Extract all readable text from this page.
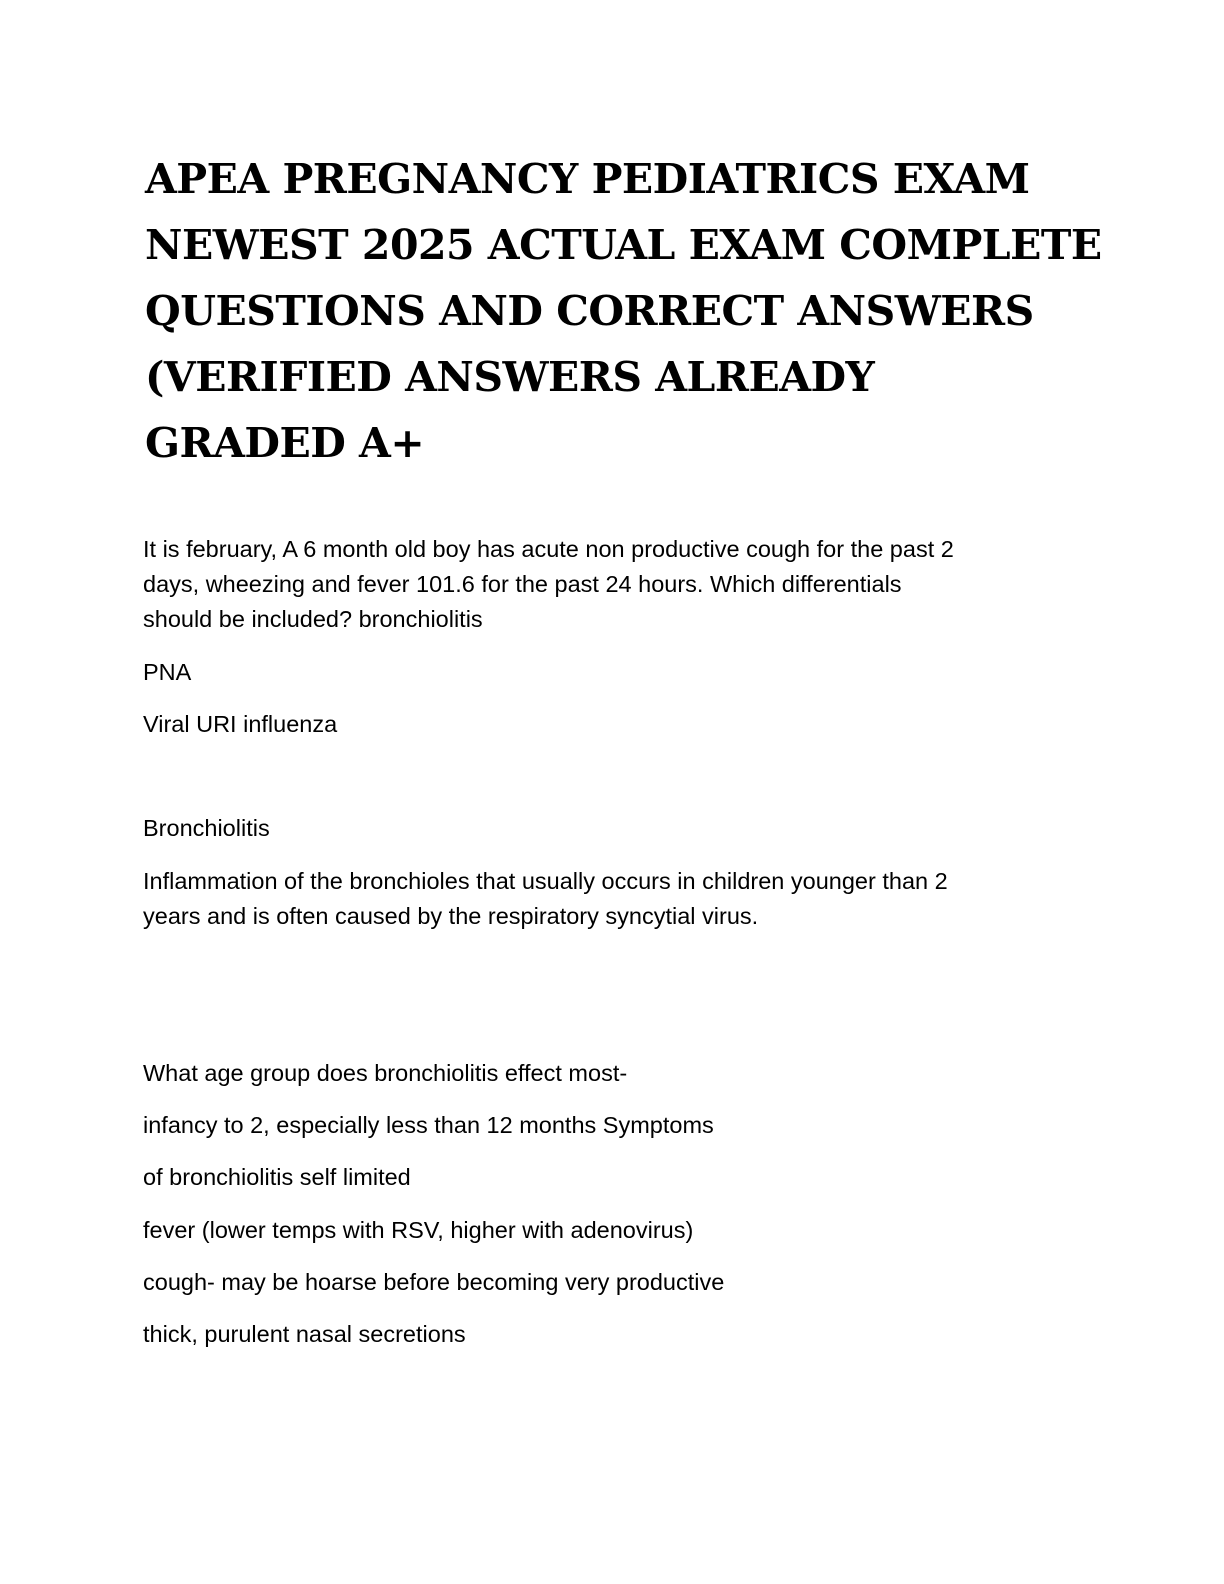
APEA PREGNANCY PEDIATRICS EXAM
NEWEST 2025 ACTUAL EXAM COMPLETE
QUESTIONS AND CORRECT ANSWERS
(VERIFIED ANSWERS ALREADY
GRADED A+

It is february, A 6 month old boy has acute non productive cough for the past 2

days, wheezing and fever 101.6 for the past 24 hours. Which differentials

should be included? bronchiolitis

PNA

Viral URI influenza

Bronchiolitis

Inflammation of the bronchioles that usually occurs in children younger than 2

years and is often caused by the respiratory syncytial virus.

What age group does bronchiolitis effect most-

infancy to 2, especially less than 12 months Symptoms

of bronchiolitis self limited

fever (lower temps with RSV, higher with adenovirus)

cough- may be hoarse before becoming very productive

thick, purulent nasal secretions
